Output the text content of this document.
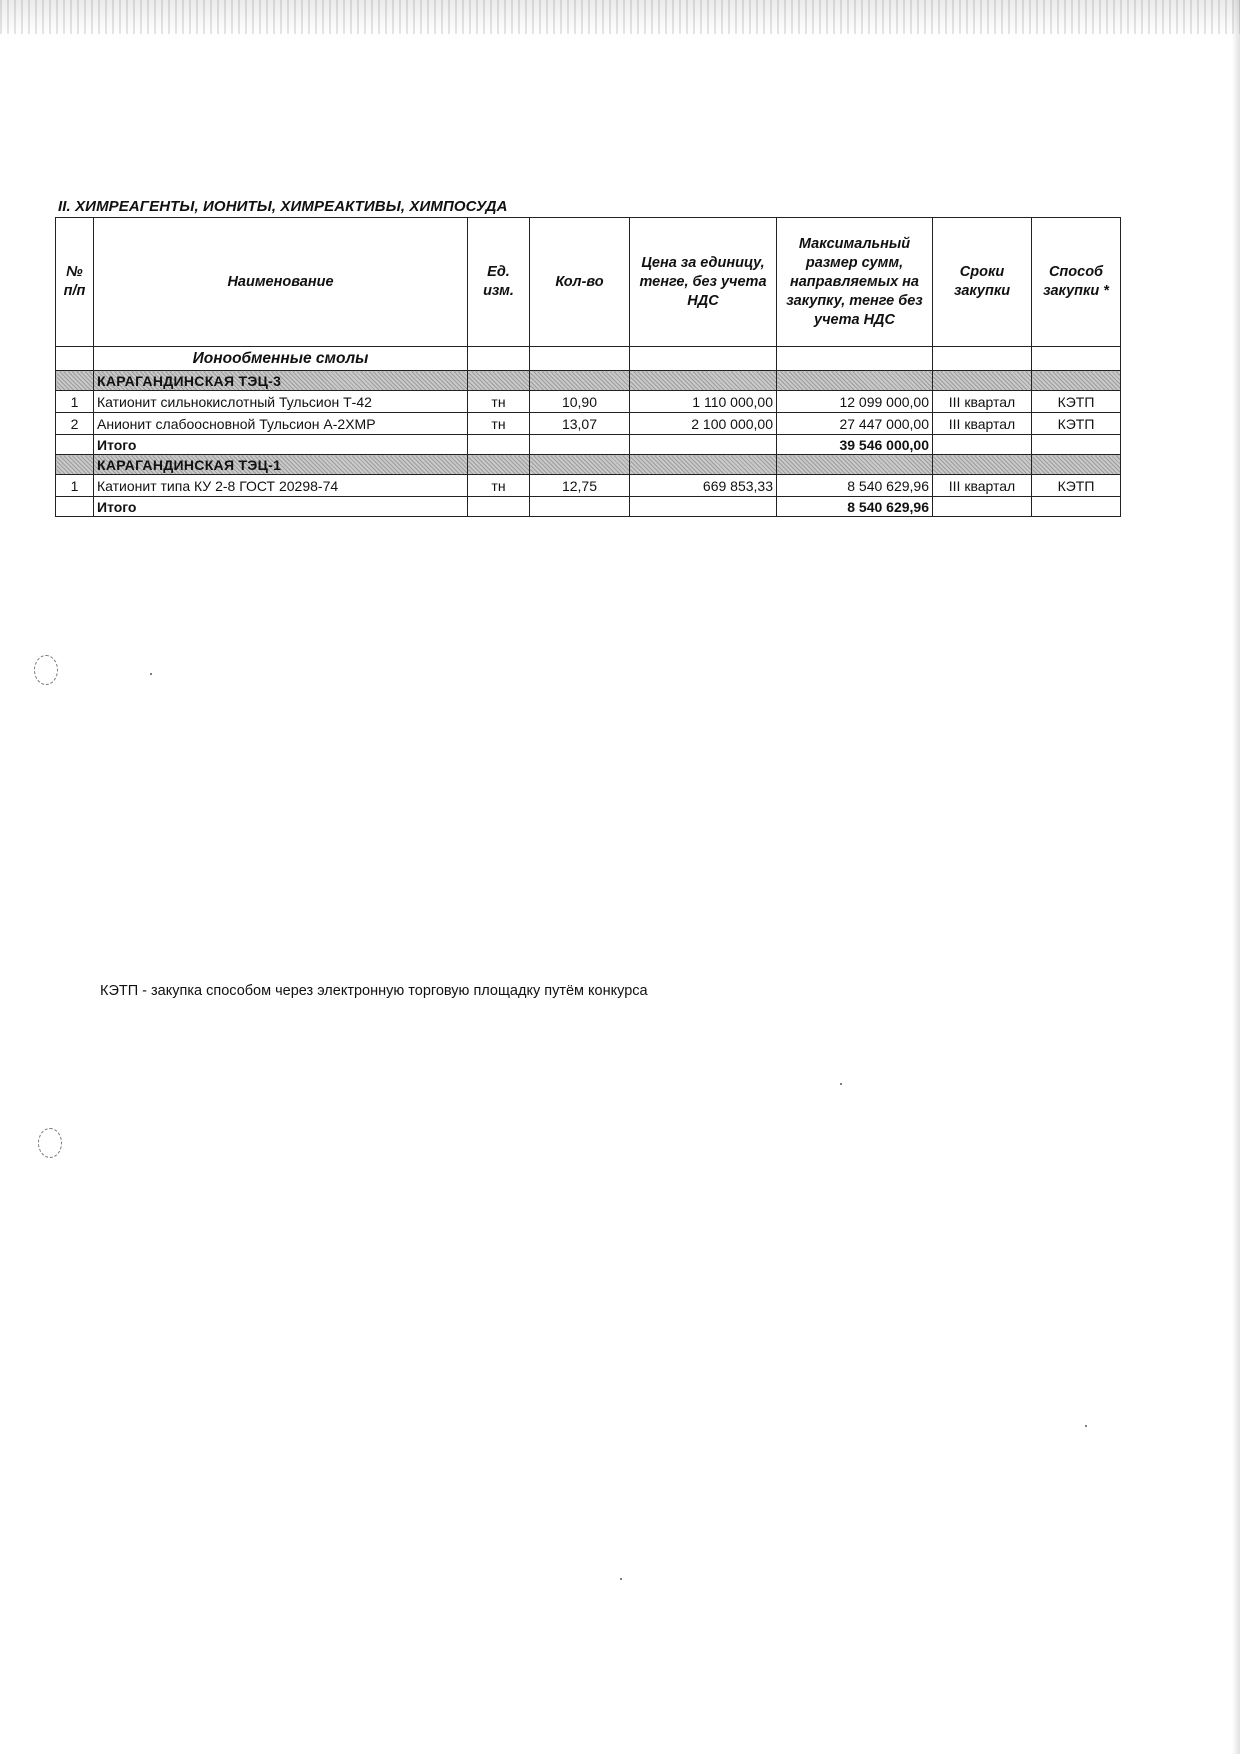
II. ХИМРЕАГЕНТЫ, ИОНИТЫ, ХИМРЕАКТИВЫ, ХИМПОСУДА
№ п/п	Наименование	Ед. изм.	Кол-во	Цена за единицу, тенге, без учета НДС	Максимальный размер сумм, направляемых на закупку, тенге без учета НДС	Сроки закупки	Способ закупки *
	Ионообменные смолы						
	КАРАГАНДИНСКАЯ ТЭЦ-3						
1	Катионит сильнокислотный Тульсион Т-42	тн	10,90	1 110 000,00	12 099 000,00	III квартал	КЭТП
2	Анионит слабоосновной Тульсион А-2ХМР	тн	13,07	2 100 000,00	27 447 000,00	III квартал	КЭТП
	Итого				39 546 000,00		
	КАРАГАНДИНСКАЯ ТЭЦ-1						
1	Катионит типа КУ 2-8 ГОСТ 20298-74	тн	12,75	669 853,33	8 540 629,96	III квартал	КЭТП
	Итого				8 540 629,96		

КЭТП - закупка способом через электронную торговую площадку путём конкурса
